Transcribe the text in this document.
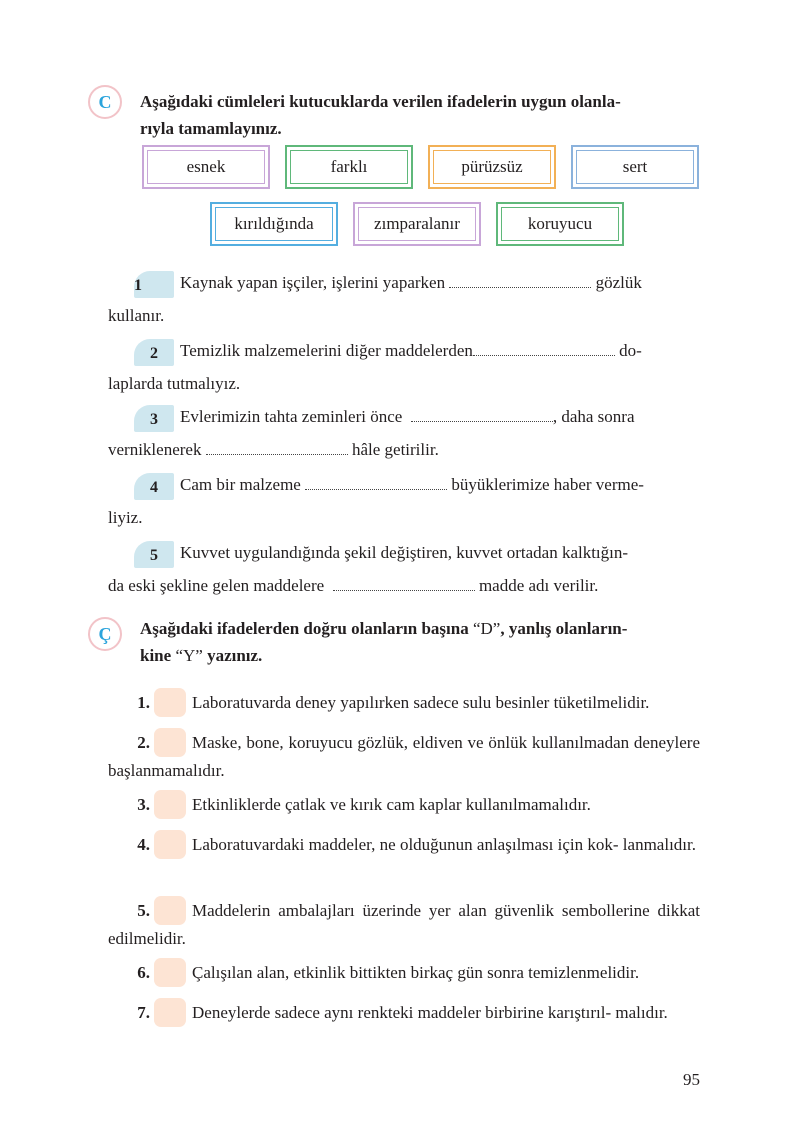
C	Aşağıdaki cümleleri kutucuklarda verilen ifadelerin uygun olanla-
rıyla tamamlayınız.
esnek	farklı	pürüzsüz	sert
kırıldığında	zımparalanır	koruyucu
1 Kaynak yapan işçiler, işlerini yaparken	gözlük
kullanır.
2 Temizlik malzemelerini diğer maddelerden	do-
laplarda tutmalıyız.
3 Evlerimizin tahta zeminleri önce	, daha sonra
verniklenerek	hâle getirilir.
4 Cam bir malzeme	büyüklerimize haber verme-
liyiz.
5 Kuvvet uygulandığında şekil değiştiren, kuvvet ortadan kalktığın-
da eski şekline gelen maddelere	madde adı verilir.
Ç	Aşağıdaki ifadelerden doğru olanların başına “D”, yanlış olanların-
kine “Y” yazınız.
1. Laboratuvarda deney yapılırken sadece sulu besinler tüketilmelidir.
2. Maske, bone, koruyucu gözlük, eldiven ve önlük kullanılmadan deneylere başlanmamalıdır.
3. Etkinliklerde çatlak ve kırık cam kaplar kullanılmamalıdır.
4. Laboratuvardaki maddeler, ne olduğunun anlaşılması için kok- lanmalıdır.
5. Maddelerin ambalajları üzerinde yer alan güvenlik sembollerine dikkat edilmelidir.
6. Çalışılan alan, etkinlik bittikten birkaç gün sonra temizlenmelidir.
7. Deneylerde sadece aynı renkteki maddeler birbirine karıştırıl- malıdır.
95
